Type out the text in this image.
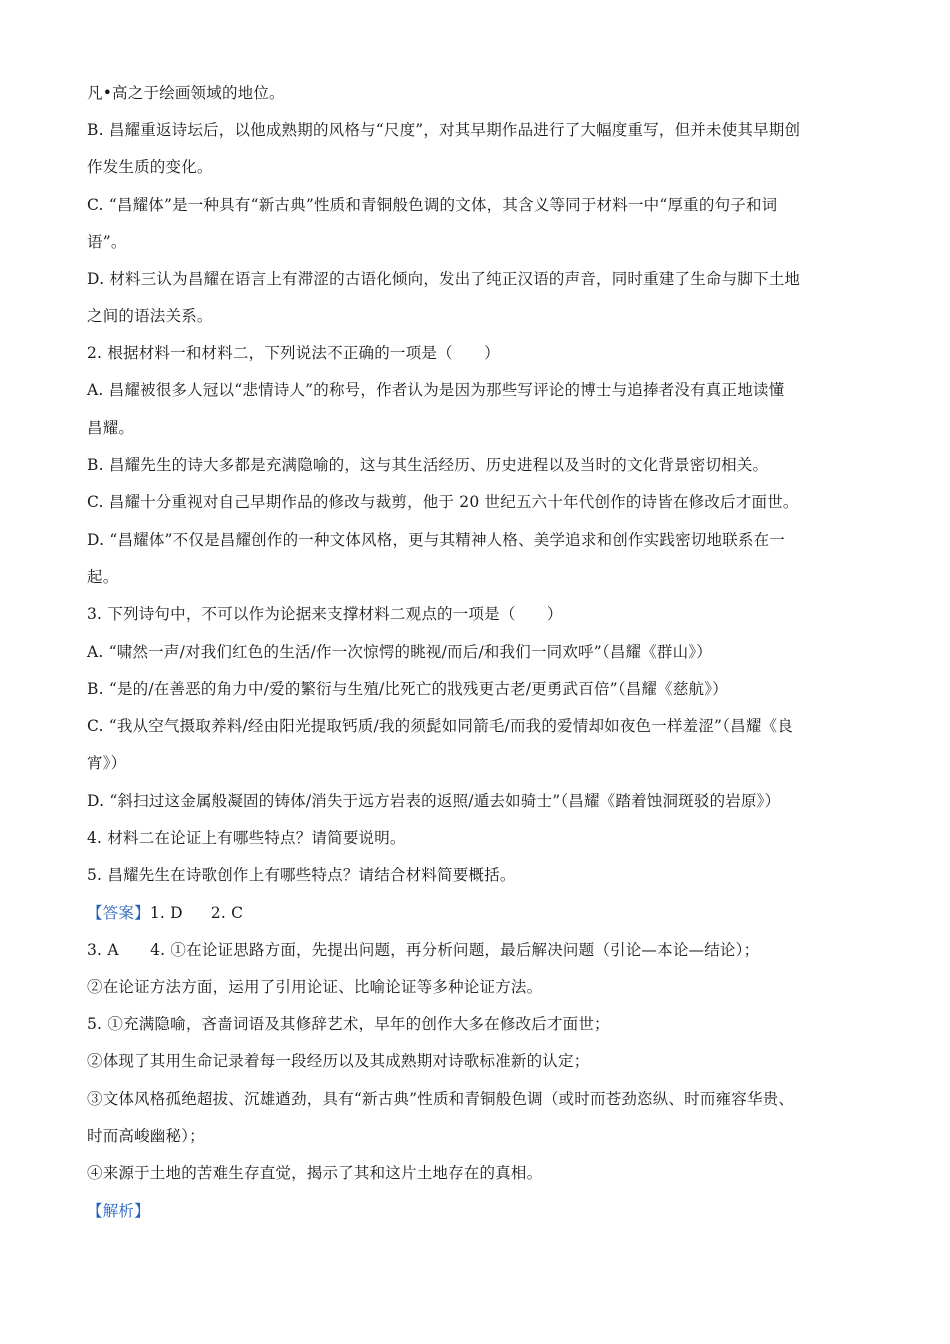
凡•高之于绘画领域的地位。
B. 昌耀重返诗坛后，以他成熟期的风格与“尺度”，对其早期作品进行了大幅度重写，但并未使其早期创
作发生质的变化。
C. “昌耀体”是一种具有“新古典”性质和青铜般色调的文体，其含义等同于材料一中“厚重的句子和词
语”。
D. 材料三认为昌耀在语言上有滞涩的古语化倾向，发出了纯正汉语的声音，同时重建了生命与脚下土地
之间的语法关系。
2. 根据材料一和材料二，下列说法不正确的一项是（　　）
A. 昌耀被很多人冠以“悲情诗人”的称号，作者认为是因为那些写评论的博士与追捧者没有真正地读懂
昌耀。
B. 昌耀先生的诗大多都是充满隐喻的，这与其生活经历、历史进程以及当时的文化背景密切相关。
C. 昌耀十分重视对自己早期作品的修改与裁剪，他于 20 世纪五六十年代创作的诗皆在修改后才面世。
D. “昌耀体”不仅是昌耀创作的一种文体风格，更与其精神人格、美学追求和创作实践密切地联系在一
起。
3. 下列诗句中，不可以作为论据来支撑材料二观点的一项是（　　）
A. “啸然一声/对我们红色的生活/作一次惊愕的眺视/而后/和我们一同欢呼”（昌耀《群山》）
B. “是的/在善恶的角力中/爱的繁衍与生殖/比死亡的戕残更古老/更勇武百倍”（昌耀《慈航》）
C. “我从空气摄取养料/经由阳光提取钙质/我的须髭如同箭毛/而我的爱情却如夜色一样羞涩”（昌耀《良
宵》）
D. “斜扫过这金属般凝固的铸体/消失于远方岩表的返照/遁去如骑士”（昌耀《踏着蚀洞斑驳的岩原》）
4. 材料二在论证上有哪些特点？请简要说明。
5. 昌耀先生在诗歌创作上有哪些特点？请结合材料简要概括。
【答案】1. D 2. C
3. A　　4. ①在论证思路方面，先提出问题，再分析问题，最后解决问题（引论—本论—结论）；
②在论证方法方面，运用了引用论证、比喻论证等多种论证方法。
5. ①充满隐喻，吝啬词语及其修辞艺术，早年的创作大多在修改后才面世；
②体现了其用生命记录着每一段经历以及其成熟期对诗歌标准新的认定；
③文体风格孤绝超拔、沉雄遒劲，具有“新古典”性质和青铜般色调（或时而苍劲恣纵、时而雍容华贵、
时而高峻幽秘）；
④来源于土地的苦难生存直觉，揭示了其和这片土地存在的真相。
【解析】
